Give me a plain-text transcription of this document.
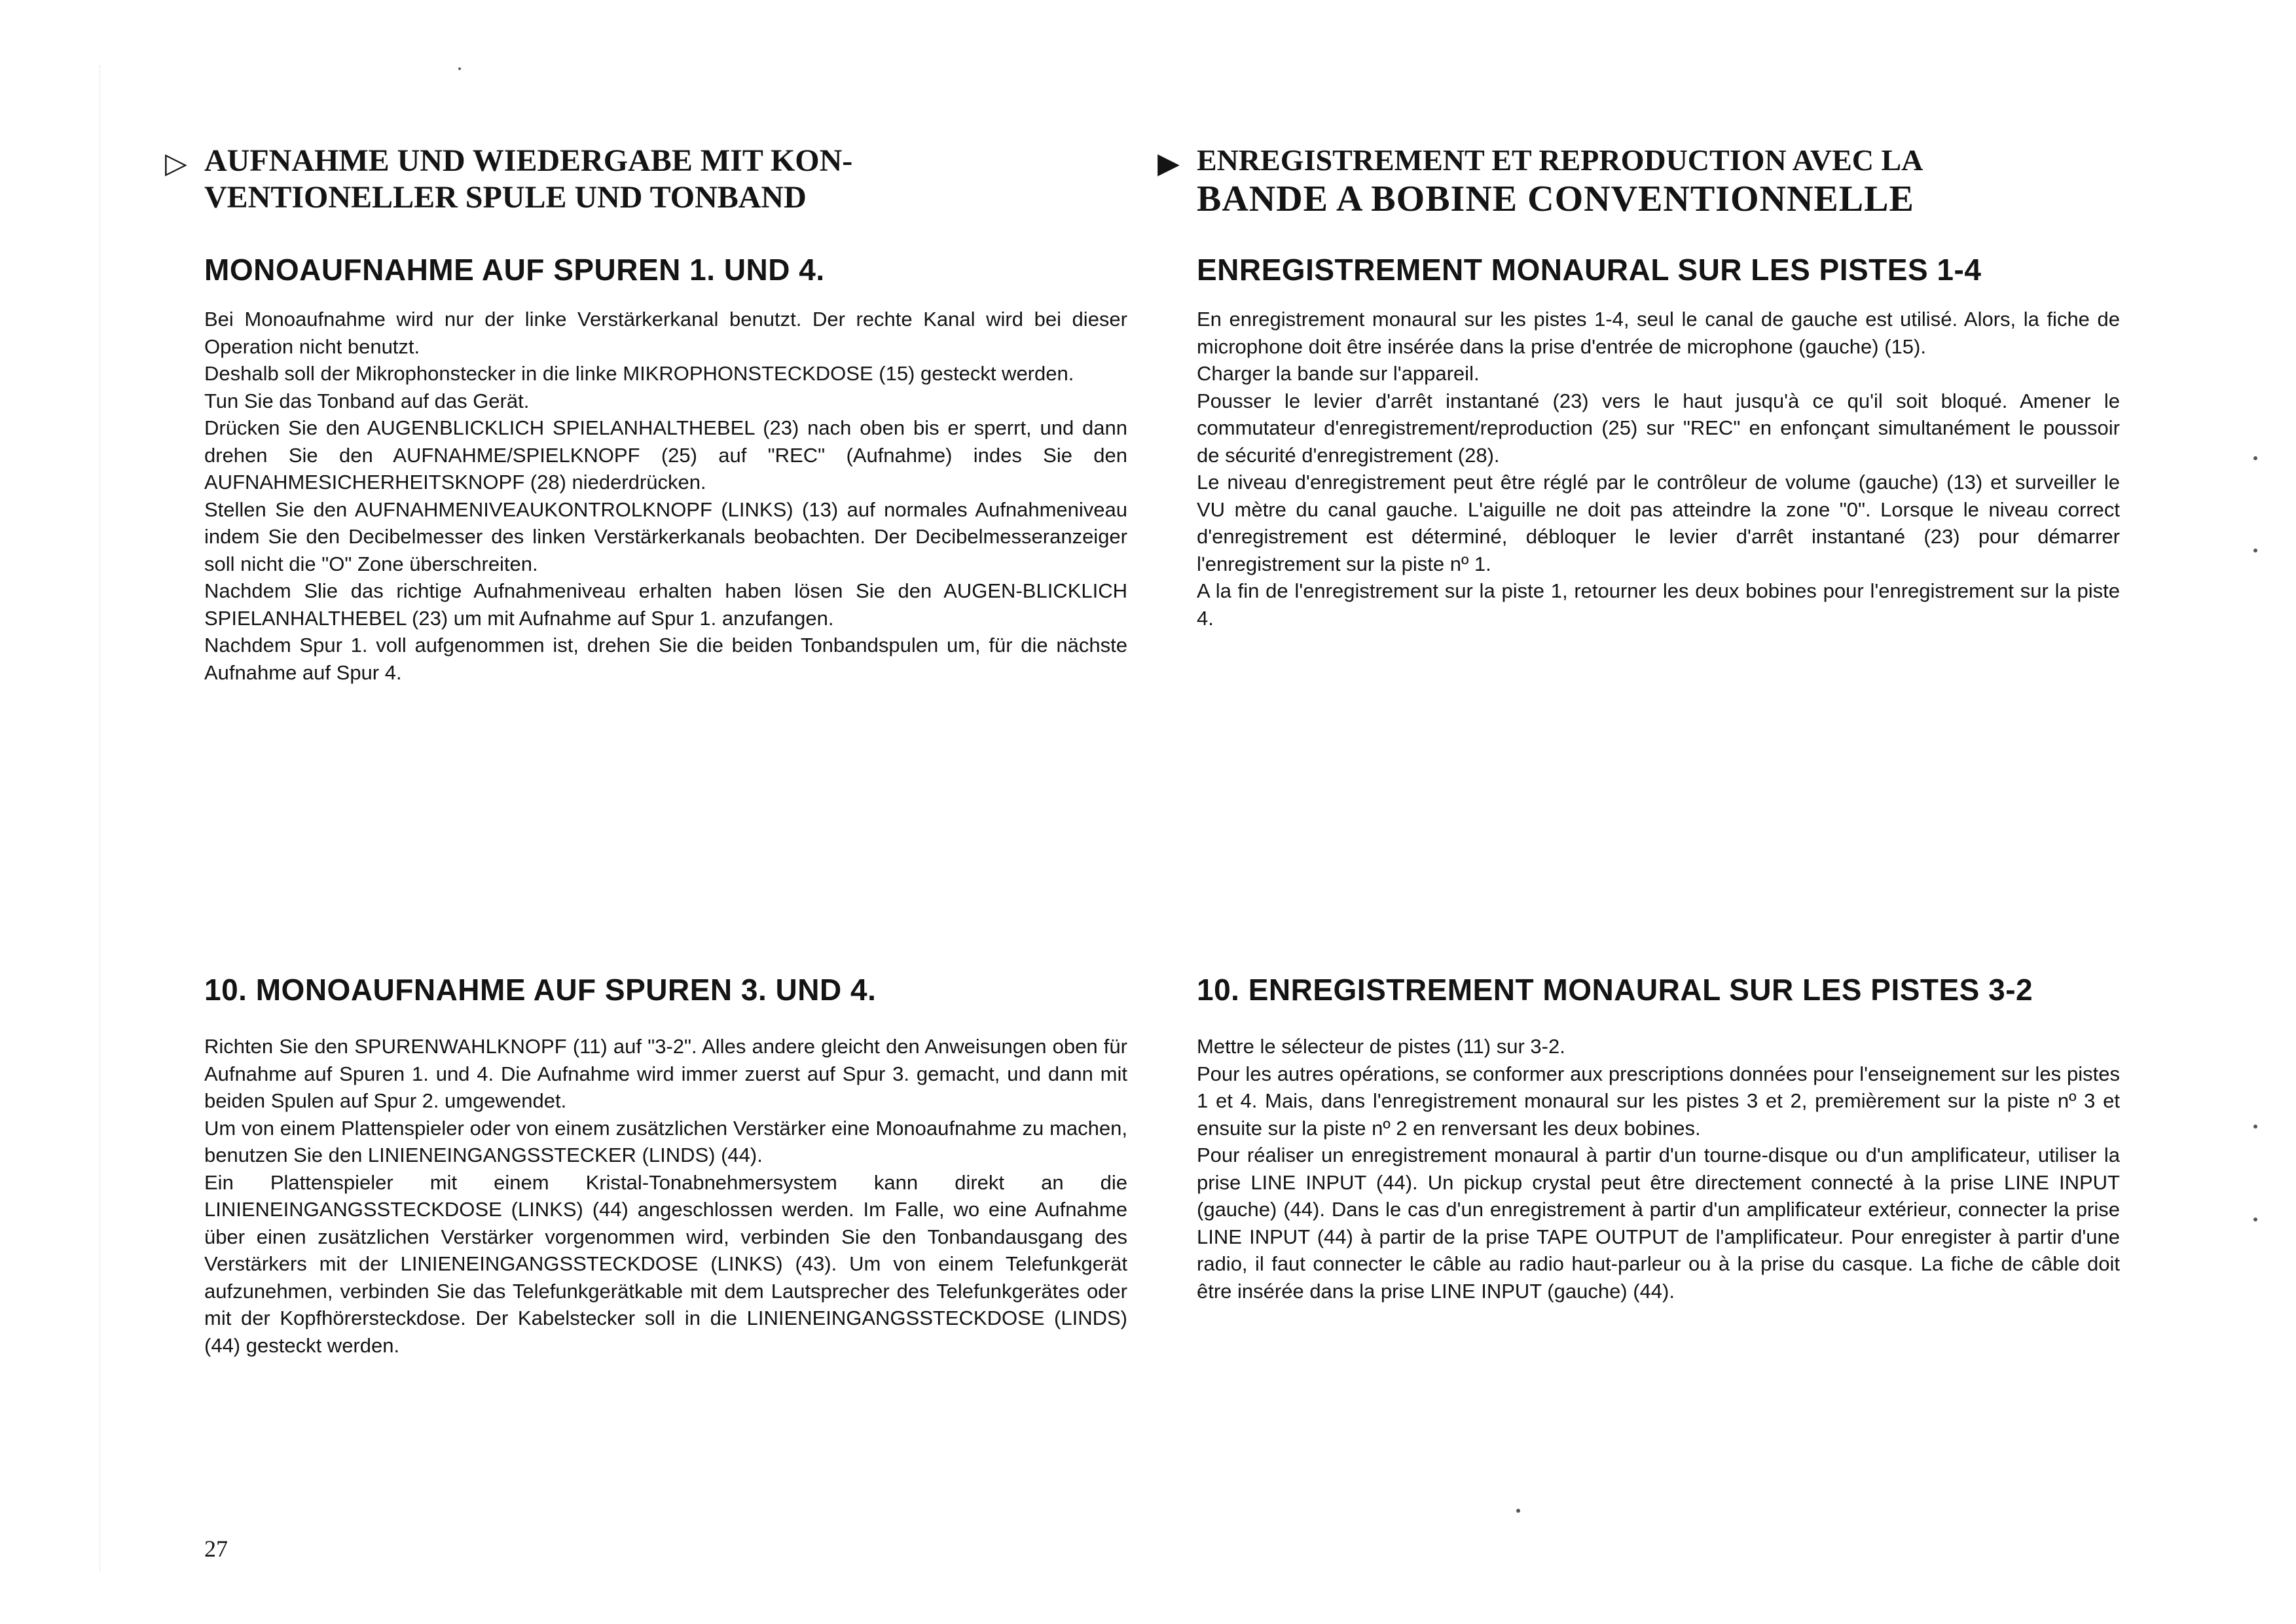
▷ AUFNAHME UND WIEDERGABE MIT KON-
VENTIONELLER SPULE UND TONBAND
MONOAUFNAHME AUF SPUREN 1. UND 4.

Bei Monoaufnahme wird nur der linke Verstärkerkanal benutzt. Der rechte Kanal wird bei dieser Operation nicht benutzt.

Deshalb soll der Mikrophonstecker in die linke MIKROPHONSTECKDOSE (15) gesteckt werden.

Tun Sie das Tonband auf das Gerät.

Drücken Sie den AUGENBLICKLICH SPIELANHALTHEBEL (23) nach oben bis er sperrt, und dann drehen Sie den AUFNAHME/SPIELKNOPF (25) auf "REC" (Aufnahme) indes Sie den AUFNAHMESICHERHEITSKNOPF (28) niederdrücken.

Stellen Sie den AUFNAHMENIVEAUKONTROLKNOPF (LINKS) (13) auf normales Aufnahmeniveau indem Sie den Decibelmesser des linken Verstärkerkanals beobachten. Der Decibelmesseranzeiger soll nicht die "O" Zone überschreiten.

Nachdem Slie das richtige Aufnahmeniveau erhalten haben lösen Sie den AUGEN-BLICKLICH SPIELANHALTHEBEL (23) um mit Aufnahme auf Spur 1. anzufangen.

Nachdem Spur 1. voll aufgenommen ist, drehen Sie die beiden Tonbandspulen um, für die nächste Aufnahme auf Spur 4.

▶ ENREGISTREMENT ET REPRODUCTION AVEC LA
BANDE A BOBINE CONVENTIONNELLE
ENREGISTREMENT MONAURAL SUR LES PISTES 1-4

En enregistrement monaural sur les pistes 1-4, seul le canal de gauche est utilisé. Alors, la fiche de microphone doit être insérée dans la prise d'entrée de microphone (gauche) (15).

Charger la bande sur l'appareil.

Pousser le levier d'arrêt instantané (23) vers le haut jusqu'à ce qu'il soit bloqué. Amener le commutateur d'enregistrement/reproduction (25) sur "REC" en enfonçant simultanément le poussoir de sécurité d'enregistrement (28).

Le niveau d'enregistrement peut être réglé par le contrôleur de volume (gauche) (13) et surveiller le VU mètre du canal gauche. L'aiguille ne doit pas atteindre la zone "0". Lorsque le niveau correct d'enregistrement est déterminé, débloquer le levier d'arrêt instantané (23) pour démarrer l'enregistrement sur la piste nº 1.

A la fin de l'enregistrement sur la piste 1, retourner les deux bobines pour l'enregistrement sur la piste 4.

10. MONOAUFNAHME AUF SPUREN 3. UND 4.

Richten Sie den SPURENWAHLKNOPF (11) auf "3-2". Alles andere gleicht den Anweisungen oben für Aufnahme auf Spuren 1. und 4. Die Aufnahme wird immer zuerst auf Spur 3. gemacht, und dann mit beiden Spulen auf Spur 2. umgewendet.

Um von einem Plattenspieler oder von einem zusätzlichen Verstärker eine Monoaufnahme zu machen, benutzen Sie den LINIENEINGANGSSTECKER (LINDS) (44).

Ein Plattenspieler mit einem Kristal-Tonabnehmersystem kann direkt an die LINIENEINGANGSSTECKDOSE (LINKS) (44) angeschlossen werden. Im Falle, wo eine Aufnahme über einen zusätzlichen Verstärker vorgenommen wird, verbinden Sie den Tonbandausgang des Verstärkers mit der LINIENEINGANGSSTECKDOSE (LINKS) (43). Um von einem Telefunkgerät aufzunehmen, verbinden Sie das Telefunkgerätkable mit dem Lautsprecher des Telefunkgerätes oder mit der Kopfhörersteckdose. Der Kabelstecker soll in die LINIENEINGANGSSTECKDOSE (LINDS) (44) gesteckt werden.

10. ENREGISTREMENT MONAURAL SUR LES PISTES 3-2

Mettre le sélecteur de pistes (11) sur 3-2.

Pour les autres opérations, se conformer aux prescriptions données pour l'enseignement sur les pistes 1 et 4. Mais, dans l'enregistrement monaural sur les pistes 3 et 2, premièrement sur la piste nº 3 et ensuite sur la piste nº 2 en renversant les deux bobines.

Pour réaliser un enregistrement monaural à partir d'un tourne-disque ou d'un amplificateur, utiliser la prise LINE INPUT (44). Un pickup crystal peut être directement connecté à la prise LINE INPUT (gauche) (44). Dans le cas d'un enregistrement à partir d'un amplificateur extérieur, connecter la prise LINE INPUT (44) à partir de la prise TAPE OUTPUT de l'amplificateur. Pour enregister à partir d'une radio, il faut connecter le câble au radio haut-parleur ou à la prise du casque. La fiche de câble doit être insérée dans la prise LINE INPUT (gauche) (44).

27
